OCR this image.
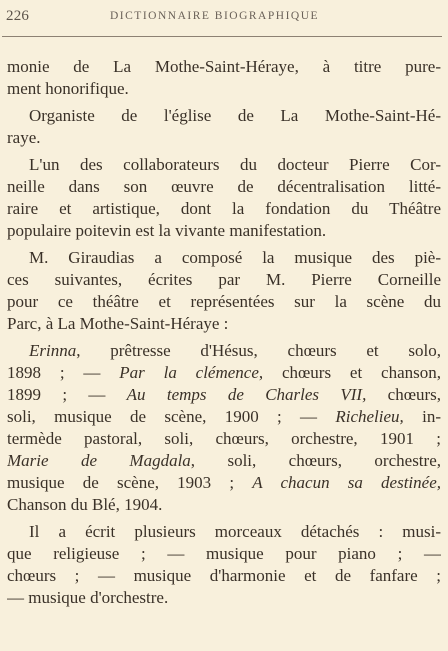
226	DICTIONNAIRE BIOGRAPHIQUE
monie de La Mothe-Saint-Héraye, à titre pure-
ment honorifique.
Organiste de l'église de La Mothe-Saint-Hé-
raye.
L'un des collaborateurs du docteur Pierre Cor-
neille dans son œuvre de décentralisation litté-
raire et artistique, dont la fondation du Théâtre
populaire poitevin est la vivante manifestation.
M. Giraudias a composé la musique des piè-
ces suivantes, écrites par M. Pierre Corneille
pour ce théâtre et représentées sur la scène du
Parc, à La Mothe-Saint-Héraye :
Erinna, prêtresse d'Hésus, chœurs et solo,
1898 ; — Par la clémence, chœurs et chanson,
1899 ; — Au temps de Charles VII, chœurs,
soli, musique de scène, 1900 ; — Richelieu, in-
termède pastoral, soli, chœurs, orchestre, 1901 ;
Marie de Magdala, soli, chœurs, orchestre,
musique de scène, 1903 ; A chacun sa destinée,
Chanson du Blé, 1904.
Il a écrit plusieurs morceaux détachés : musi-
que religieuse ; — musique pour piano ; —
chœurs ; — musique d'harmonie et de fanfare ;
— musique d'orchestre.
